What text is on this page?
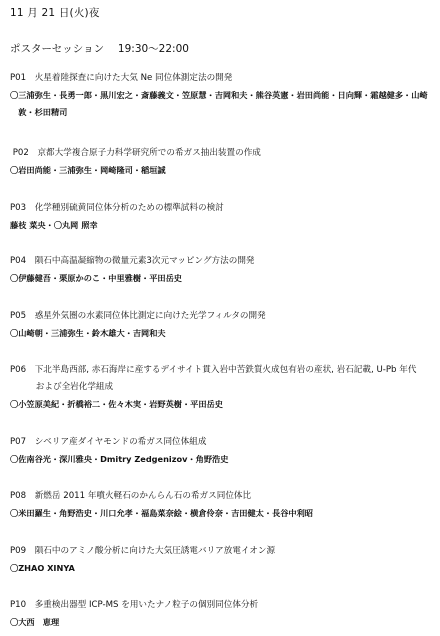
11 月 21 日(火)夜
ポスターセッション　 19:30～22:00
P01　火星着陸探査に向けた大気 Ne 同位体測定法の開発
〇三浦弥生・長勇一郎・黒川宏之・斎藤義文・笠原慧・吉岡和夫・熊谷英憲・岩田尚能・日向輝・霜越健多・山崎
　敦・杉田精司
P02　京都大学複合原子力科学研究所での希ガス抽出装置の作成
〇岩田尚能・三浦弥生・岡崎隆司・稲垣誠
P03　化学種別硫黄同位体分析のための標準試料の検討
藤枝 菜央・〇丸岡 照幸
P04　隕石中高温凝縮物の微量元素3次元マッピング方法の開発
〇伊藤健吾・栗原かのこ・中里雅樹・平田岳史
P05　惑星外気圏の水素同位体比測定に向けた光学フィルタの開発
〇山崎朝・三浦弥生・鈴木雄大・吉岡和夫
P06　下北半島西部, 赤石海岸に産するデイサイト貫入岩中苦鉄質火成包有岩の産状, 岩石記載, U-Pb 年代
　　　および全岩化学組成
〇小笠原美紀・折橋裕二・佐々木実・岩野英樹・平田岳史
P07　シベリア産ダイヤモンドの希ガス同位体組成
〇佐南谷光・深川雅央・Dmitry Zedgenizov・角野浩史
P08　新燃岳 2011 年噴火軽石のかんらん石の希ガス同位体比
〇米田羅生・角野浩史・川口允孝・福島菜奈絵・横倉伶奈・吉田健太・長谷中利昭
P09　隕石中のアミノ酸分析に向けた大気圧誘電バリア放電イオン源
〇ZHAO XINYA
P10　多重検出器型 ICP-MS を用いたナノ粒子の個別同位体分析
〇大西　恵理
